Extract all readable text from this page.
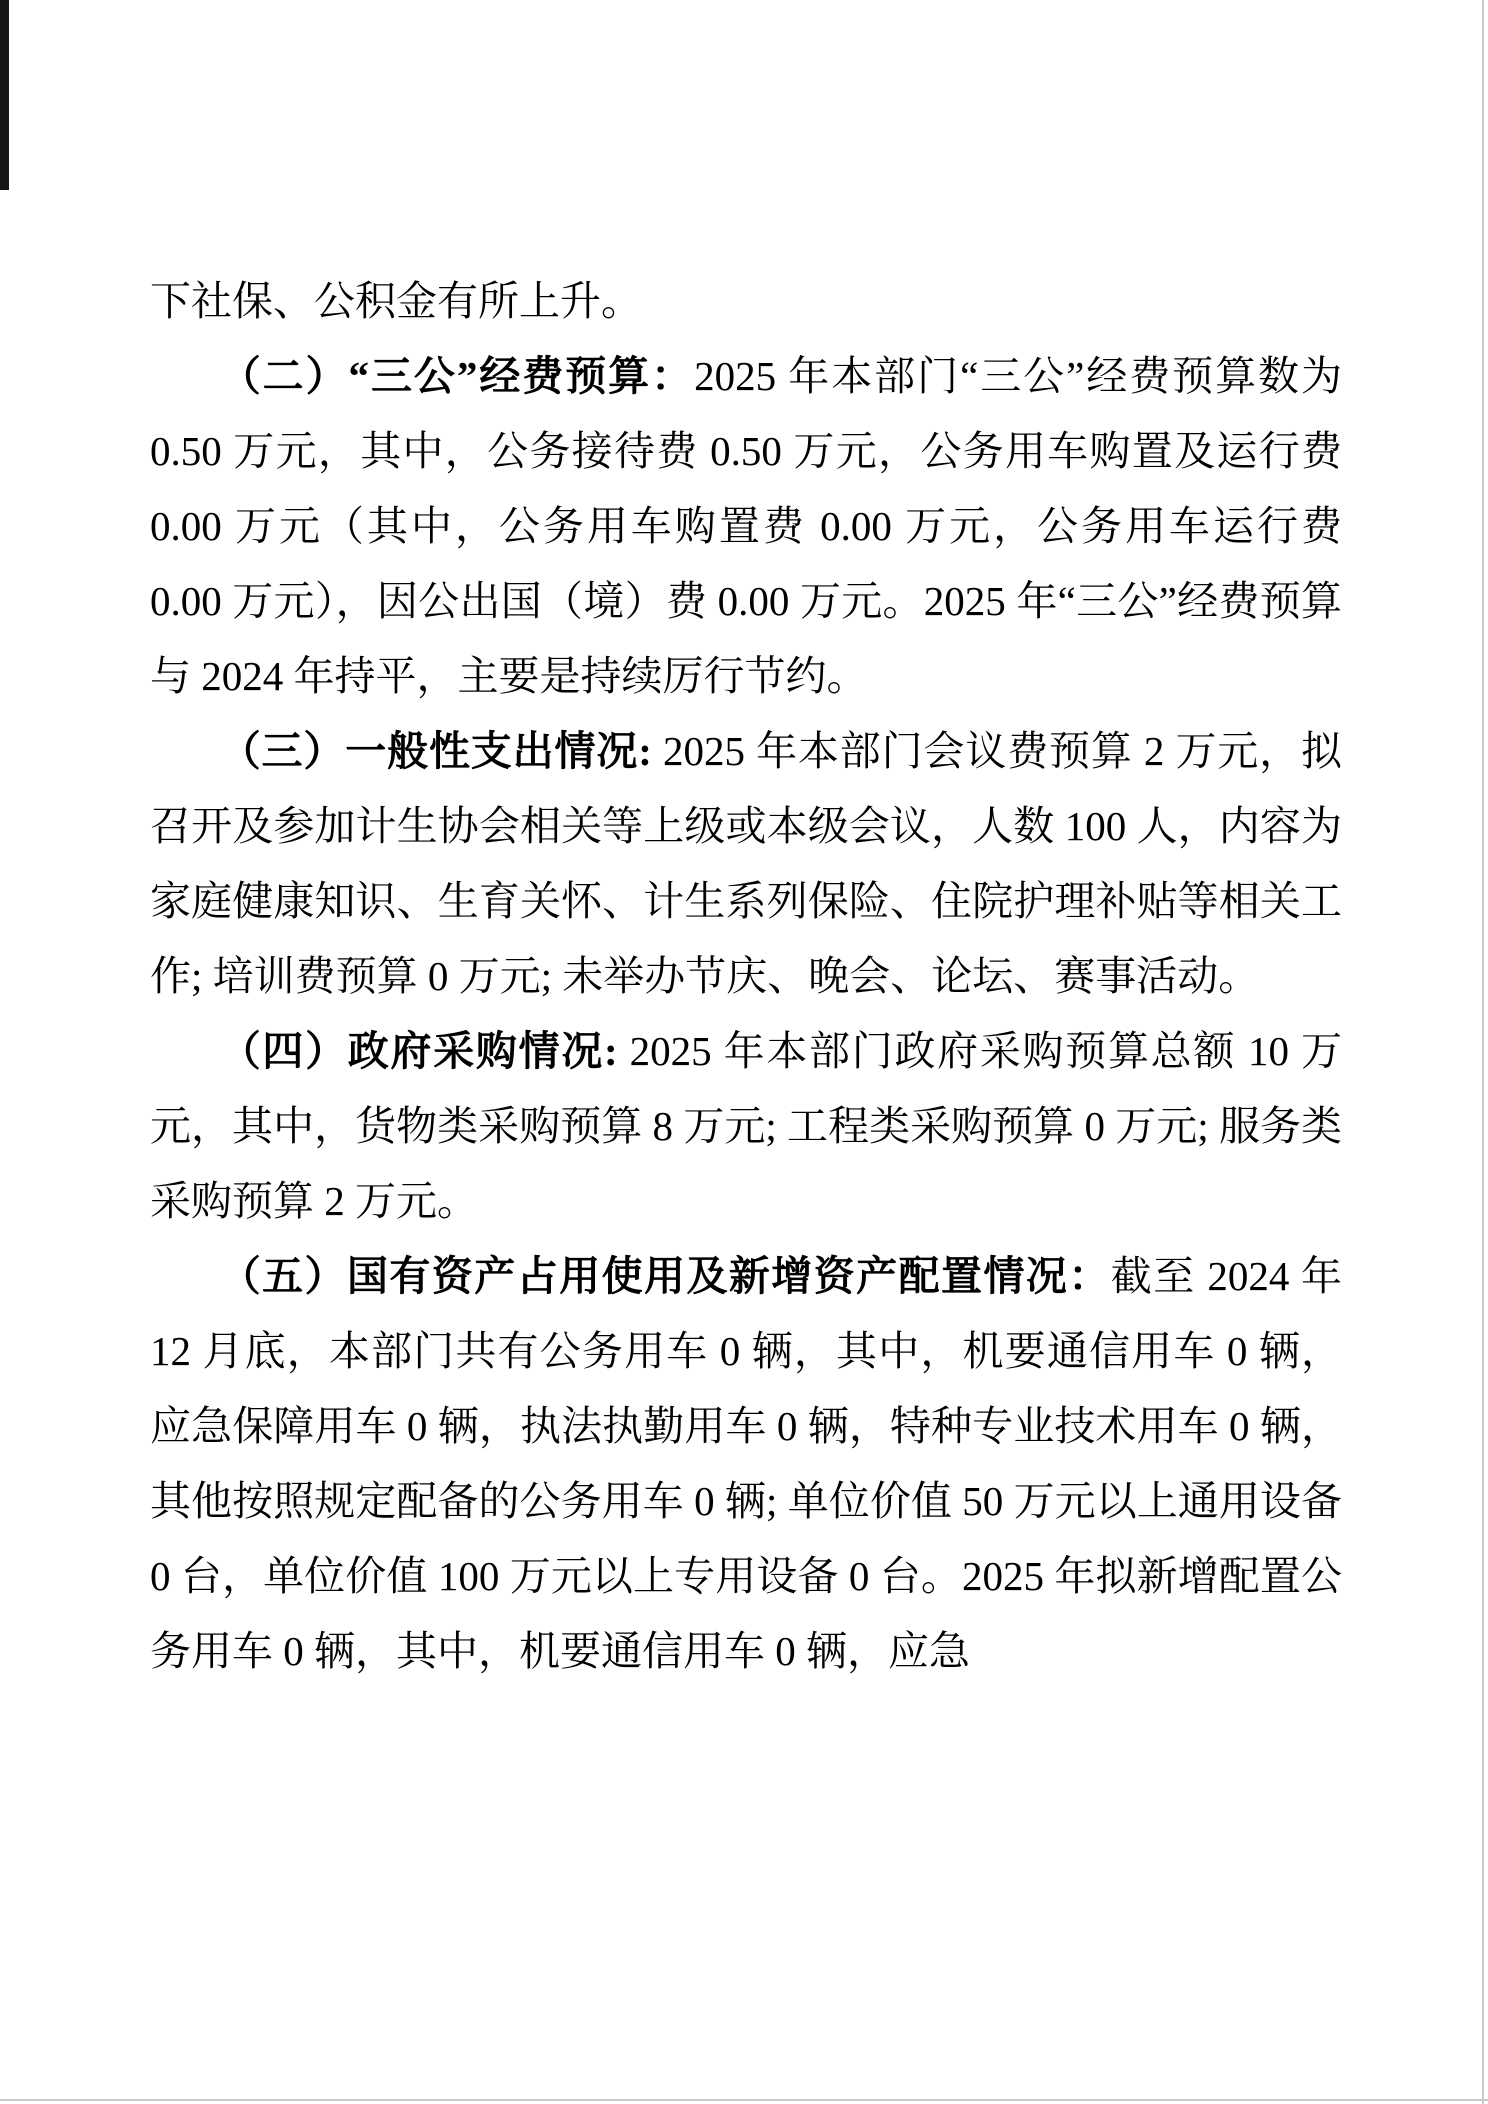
下社保、公积金有所上升。

（二）“三公”经费预算：2025 年本部门“三公”经费预算数为 0.50 万元，其中，公务接待费 0.50 万元，公务用车购置及运行费 0.00 万元（其中，公务用车购置费 0.00 万元，公务用车运行费 0.00 万元），因公出国（境）费 0.00 万元。2025 年“三公”经费预算与 2024 年持平，主要是持续厉行节约。

（三）一般性支出情况: 2025 年本部门会议费预算 2 万元，拟召开及参加计生协会相关等上级或本级会议，人数 100 人，内容为家庭健康知识、生育关怀、计生系列保险、住院护理补贴等相关工作; 培训费预算 0 万元; 未举办节庆、晚会、论坛、赛事活动。

（四）政府采购情况: 2025 年本部门政府采购预算总额 10 万元，其中，货物类采购预算 8 万元; 工程类采购预算 0 万元; 服务类采购预算 2 万元。

（五）国有资产占用使用及新增资产配置情况：截至 2024 年 12 月底，本部门共有公务用车 0 辆，其中，机要通信用车 0 辆，应急保障用车 0 辆，执法执勤用车 0 辆，特种专业技术用车 0 辆，其他按照规定配备的公务用车 0 辆; 单位价值 50 万元以上通用设备 0 台，单位价值 100 万元以上专用设备 0 台。2025 年拟新增配置公务用车 0 辆，其中，机要通信用车 0 辆，应急
